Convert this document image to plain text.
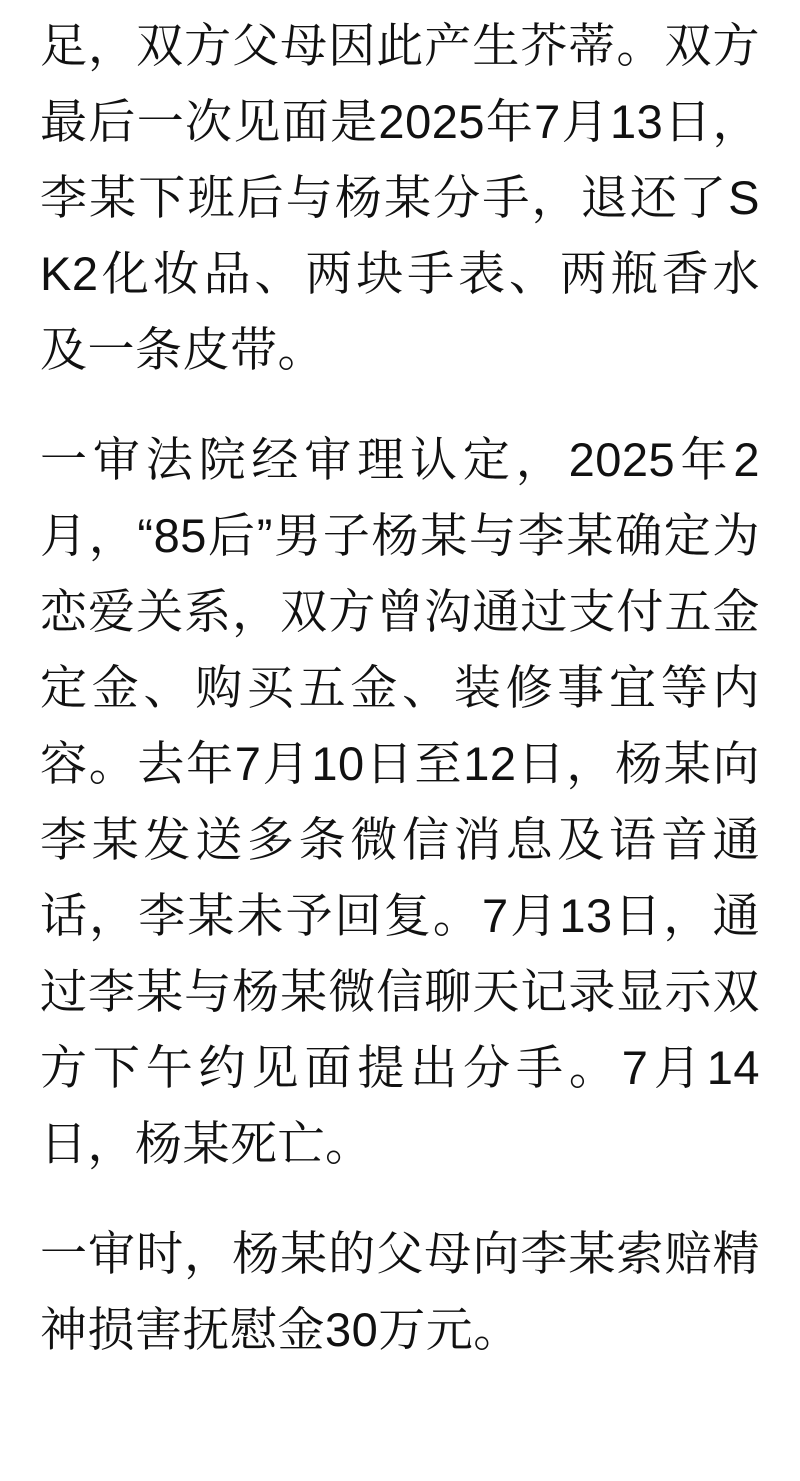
足，双方父母因此产生芥蒂。双方最后一次见面是2025年7月13日，李某下班后与杨某分手，退还了SK2化妆品、两块手表、两瓶香水及一条皮带。

一审法院经审理认定，2025年2月，“85后”男子杨某与李某确定为恋爱关系，双方曾沟通过支付五金定金、购买五金、装修事宜等内容。去年7月10日至12日，杨某向李某发送多条微信消息及语音通话，李某未予回复。7月13日，通过李某与杨某微信聊天记录显示双方下午约见面提出分手。7月14日，杨某死亡。

一审时，杨某的父母向李某索赔精神损害抚慰金30万元。
